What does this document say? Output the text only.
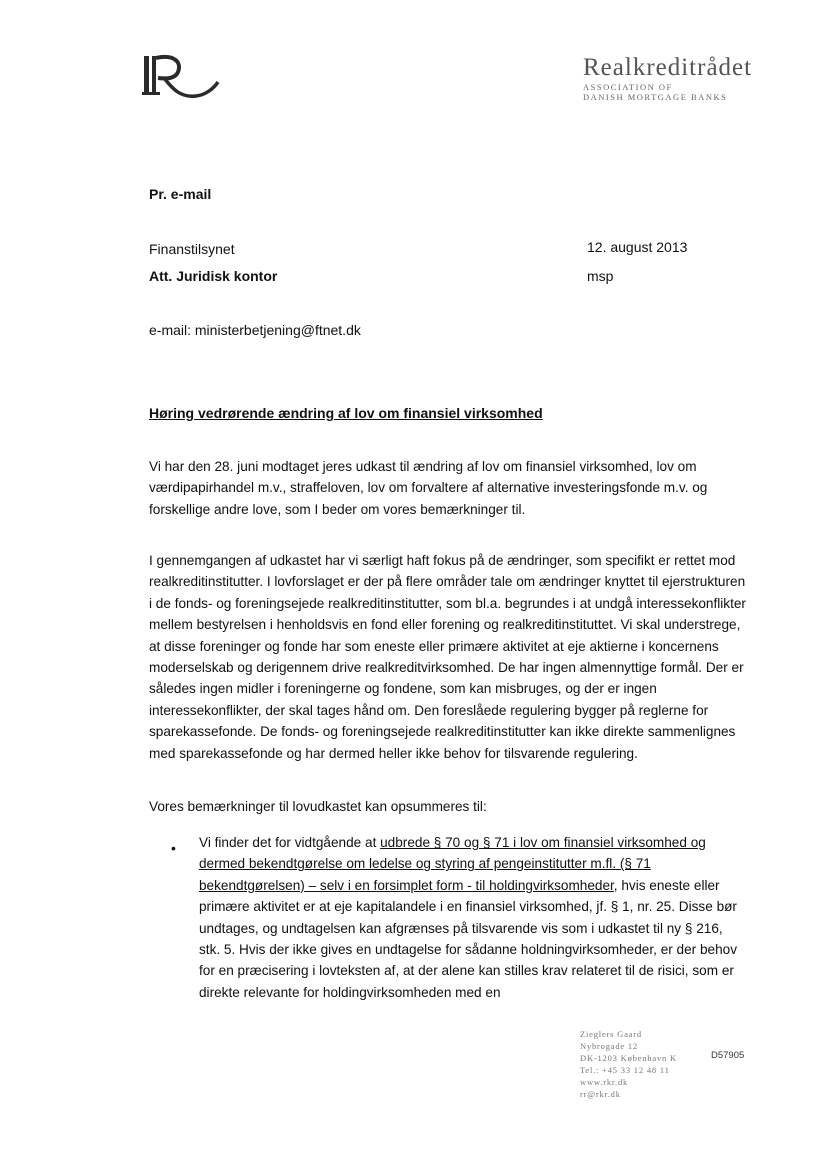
Realkreditrådet
ASSOCIATION OF
DANISH MORTGAGE BANKS
Pr. e-mail
Finanstilsynet
Att. Juridisk kontor
12. august 2013
msp
e-mail: ministerbetjening@ftnet.dk
Høring vedrørende ændring af lov om finansiel virksomhed

Vi har den 28. juni modtaget jeres udkast til ændring af lov om finansiel virksomhed, lov om værdipapirhandel m.v., straffeloven, lov om forvaltere af alternative investeringsfonde m.v. og forskellige andre love, som I beder om vores bemærkninger til.

I gennemgangen af udkastet har vi særligt haft fokus på de ændringer, som specifikt er rettet mod realkreditinstitutter. I lovforslaget er der på flere områder tale om ændringer knyttet til ejerstrukturen i de fonds- og foreningsejede realkreditinstitutter, som bl.a. begrundes i at undgå interessekonflikter mellem bestyrelsen i henholdsvis en fond eller forening og realkreditinstituttet. Vi skal understrege, at disse foreninger og fonde har som eneste eller primære aktivitet at eje aktierne i koncernens moderselskab og derigennem drive realkreditvirksomhed. De har ingen almennyttige formål. Der er således ingen midler i foreningerne og fondene, som kan misbruges, og der er ingen interessekonflikter, der skal tages hånd om. Den foreslåede regulering bygger på reglerne for sparekassefonde. De fonds- og foreningsejede realkreditinstitutter kan ikke direkte sammenlignes med sparekassefonde og har dermed heller ikke behov for tilsvarende regulering.

Vores bemærkninger til lovudkastet kan opsummeres til:

• Vi finder det for vidtgående at udbrede § 70 og § 71 i lov om finansiel virksomhed og dermed bekendtgørelse om ledelse og styring af pengeinstitutter m.fl. (§ 71 bekendtgørelsen) – selv i en forsimplet form - til holdingvirksomheder, hvis eneste eller primære aktivitet er at eje kapitalandele i en finansiel virksomhed, jf. § 1, nr. 25. Disse bør undtages, og undtagelsen kan afgrænses på tilsvarende vis som i udkastet til ny § 216, stk. 5. Hvis der ikke gives en undtagelse for sådanne holdningvirksomheder, er der behov for en præcisering i lovteksten af, at der alene kan stilles krav relateret til de risici, som er direkte relevante for holdingvirksomheden med en
Zieglers Gaard
Nybrogade 12
DK-1203 København K
Tel.: +45 33 12 48 11
www.rkr.dk
rr@rkr.dk
D57905
